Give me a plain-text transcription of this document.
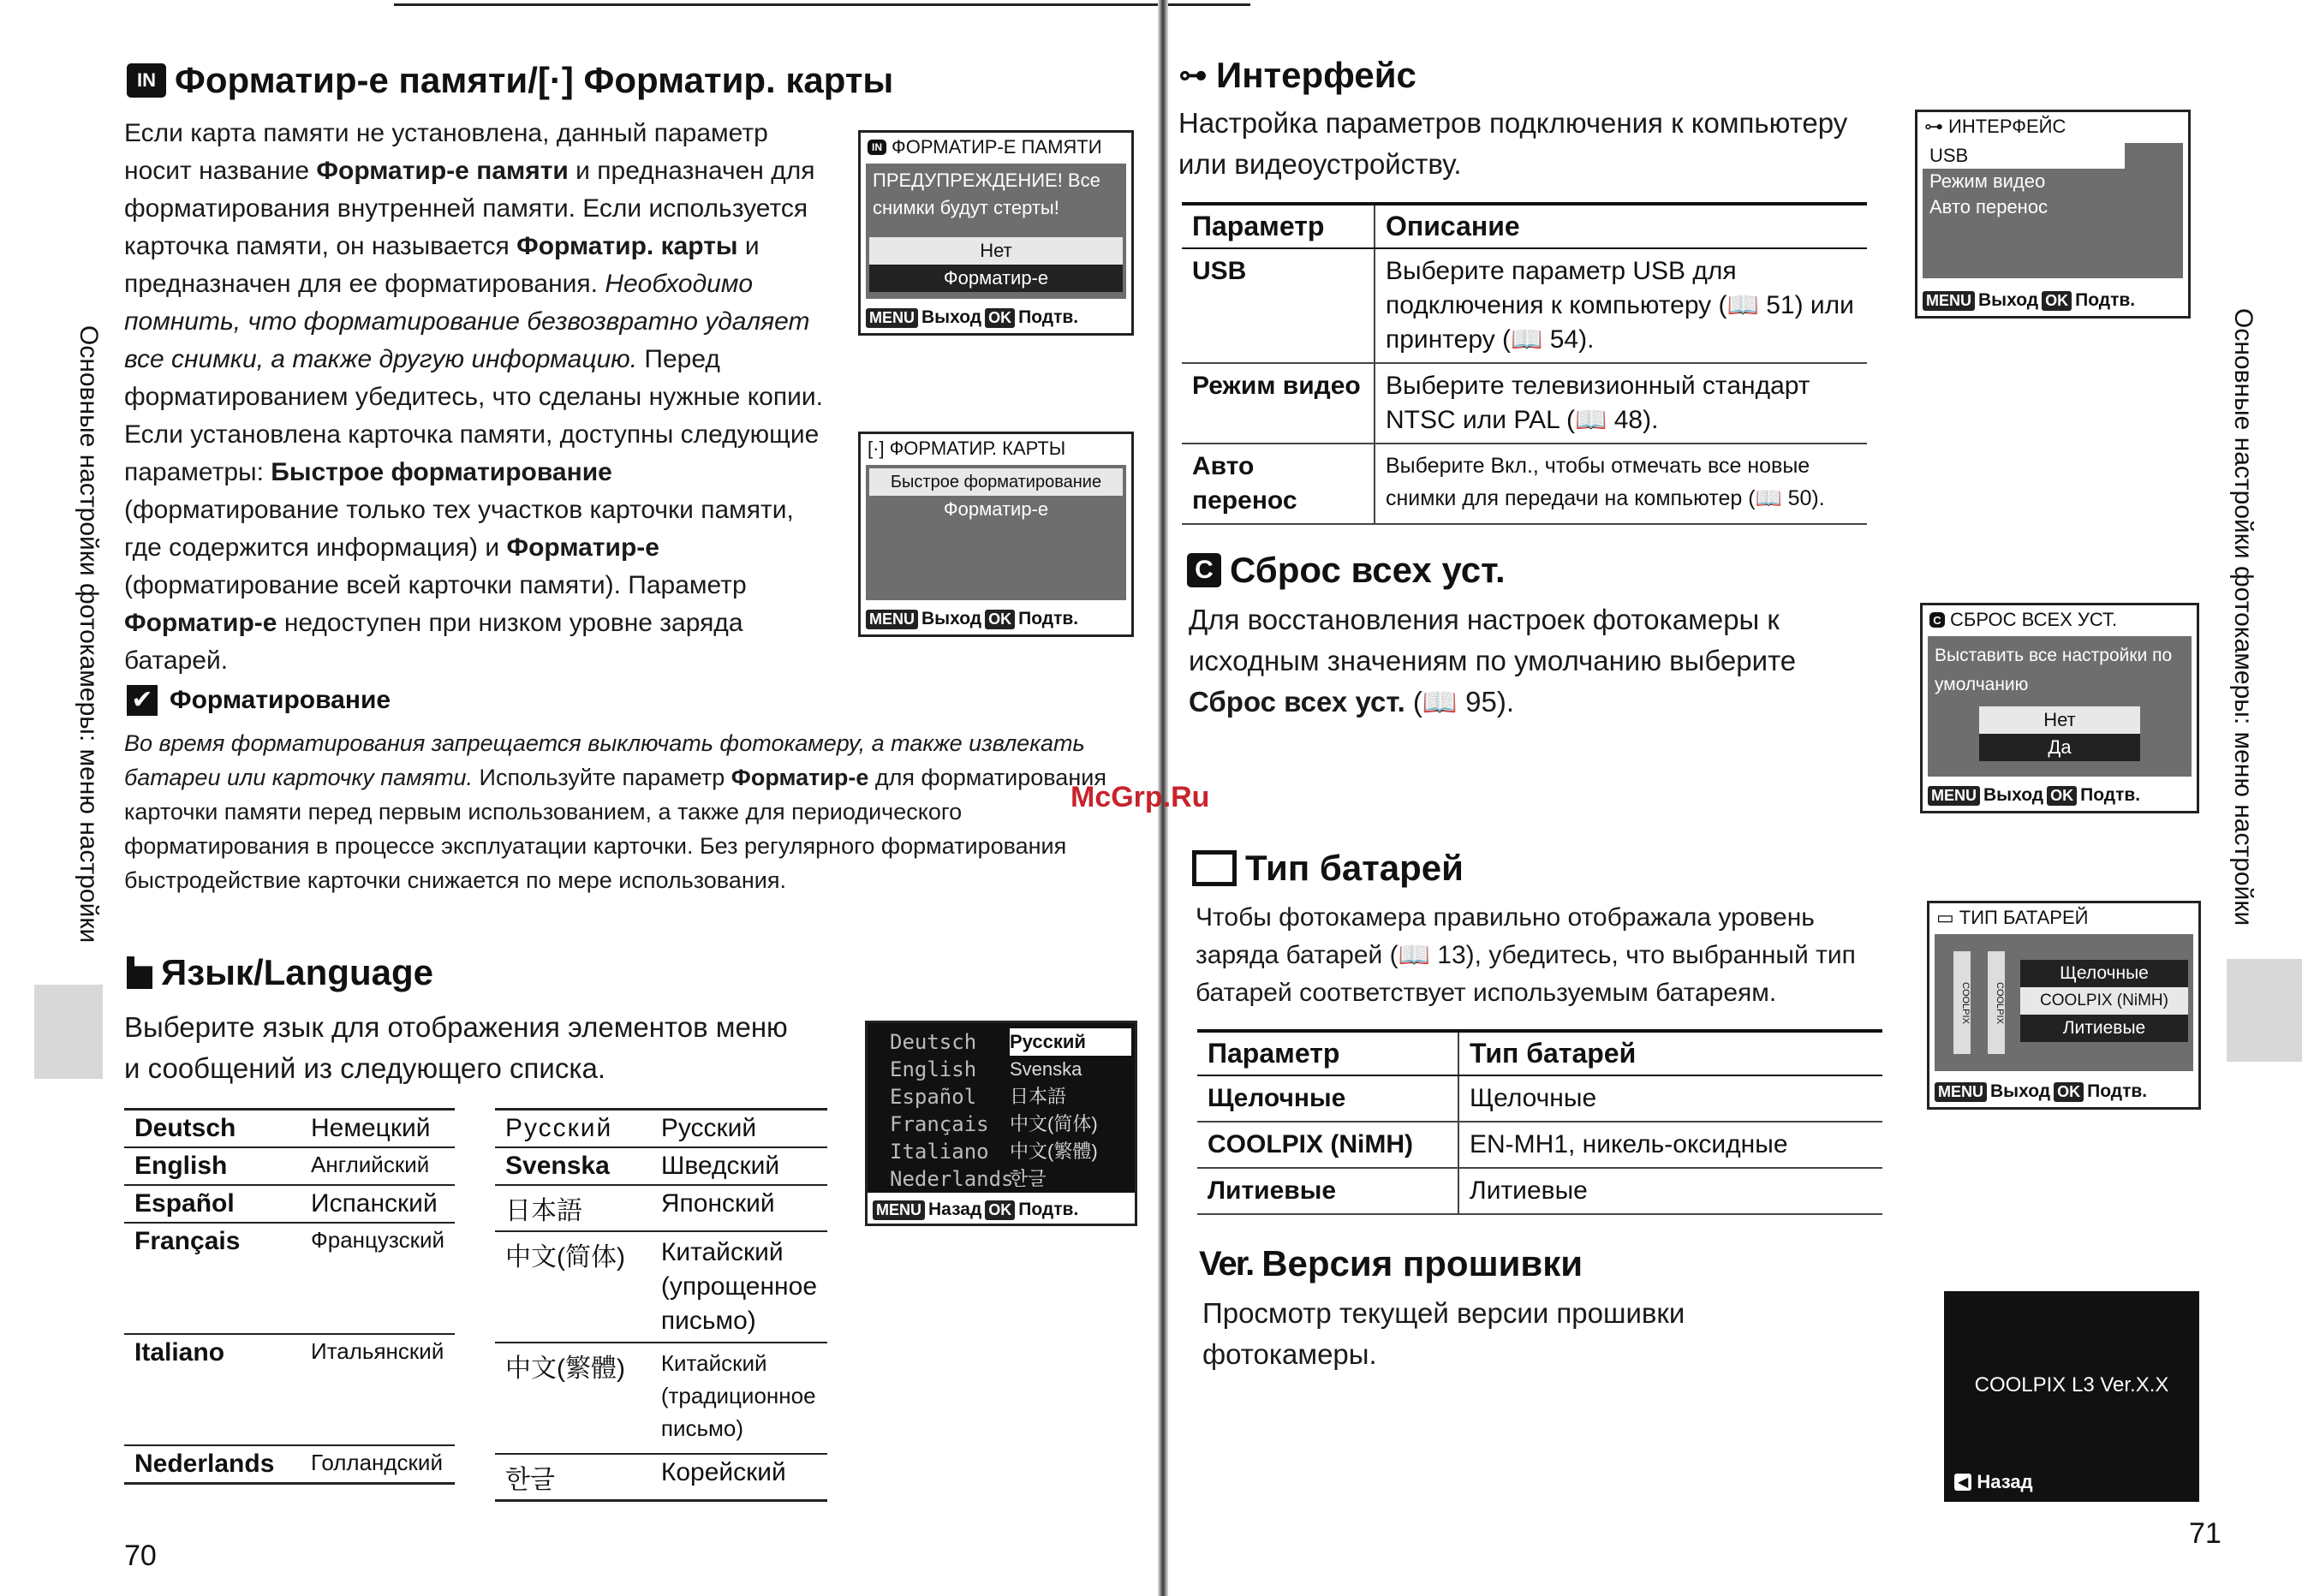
Основные настройки фотокамеры: меню настройки
IN Форматир-е памяти/[·] Форматир. карты
Если карта памяти не установлена, данный параметр носит название Форматир-е памяти и предназначен для форматирования внутренней памяти. Если используется карточка памяти, он называется Форматир. карты и предназначен для ее форматирования. Необходимо помнить, что форматирование безвозвратно удаляет все снимки, а также другую информацию. Перед форматированием убедитесь, что сделаны нужные копии. Если установлена карточка памяти, доступны следующие параметры: Быстрое форматирование (форматирование только тех участков карточки памяти, где содержится информация) и Форматир-е (форматирование всей карточки памяти). Параметр Форматир-е недоступен при низком уровне заряда батарей.
IN ФОРМАТИР-Е ПАМЯТИ
ПРЕДУПРЕЖДЕНИЕ! Все снимки будут стерты!
Нет
Форматир-е
MENU Выход OK Подтв.
[·] ФОРМАТИР. КАРТЫ
Быстрое форматирование
Форматир-е
MENU Выход OK Подтв.
✔ Форматирование
Во время форматирования запрещается выключать фотокамеру, а также извлекать батареи или карточку памяти. Используйте параметр Форматир-е для форматирования карточки памяти перед первым использованием, а также для периодического форматирования в процессе эксплуатации карточки. Без регулярного форматирования быстродействие карточки снижается по мере использования.
Язык/Language
Выберите язык для отображения элементов меню и сообщений из следующего списка.
Deutsch	Немецкий
English	Английский
Español	Испанский
Français	Французский
Italiano	Итальянский
Nederlands	Голландский
Русский	Русский
Svenska	Шведский
日本語	Японский
中文(简体)	Китайский (упрощенное письмо)
中文(繁體)	Китайский (традиционное письмо)
한글	Корейский
Deutsch
English
Español
Français
Italiano
Nederlands
Русский
Svenska
日本語
中文(简体)
中文(繁體)
한글
MENU Назад OK Подтв.
70
Основные настройки фотокамеры: меню настройки
⊶ Интерфейс
Настройка параметров подключения к компьютеру или видеоустройству.
Параметр	Описание
USB	Выберите параметр USB для подключения к компьютеру (📖 51) или принтеру (📖 54).
Режим видео	Выберите телевизионный стандарт NTSC или PAL (📖 48).
Авто перенос	Выберите Вкл., чтобы отмечать все новые снимки для передачи на компьютер (📖 50).
⊶ ИНТЕРФЕЙС
USB
Режим видео
Авто перенос
MENU Выход OK Подтв.
C Сброс всех уст.
Для восстановления настроек фотокамеры к исходным значениям по умолчанию выберите Сброс всех уст. (📖 95).
C СБРОС ВСЕХ УСТ.
Выставить все настройки по умолчанию
Нет
Да
MENU Выход OK Подтв.
McGrp.Ru
Тип батарей
Чтобы фотокамера правильно отображала уровень заряда батарей (📖 13), убедитесь, что выбранный тип батарей соответствует используемым батареям.
Параметр	Тип батарей
Щелочные	Щелочные
COOLPIX (NiMH)	EN-MH1, никель-оксидные
Литиевые	Литиевые
▭ ТИП БАТАРЕЙ
COOLPIX	COOLPIX
Щелочные
COOLPIX (NiMH)
Литиевые
MENU Выход OK Подтв.
Ver. Версия прошивки
Просмотр текущей версии прошивки фотокамеры.
COOLPIX L3 Ver.X.X
◀ Назад
71
